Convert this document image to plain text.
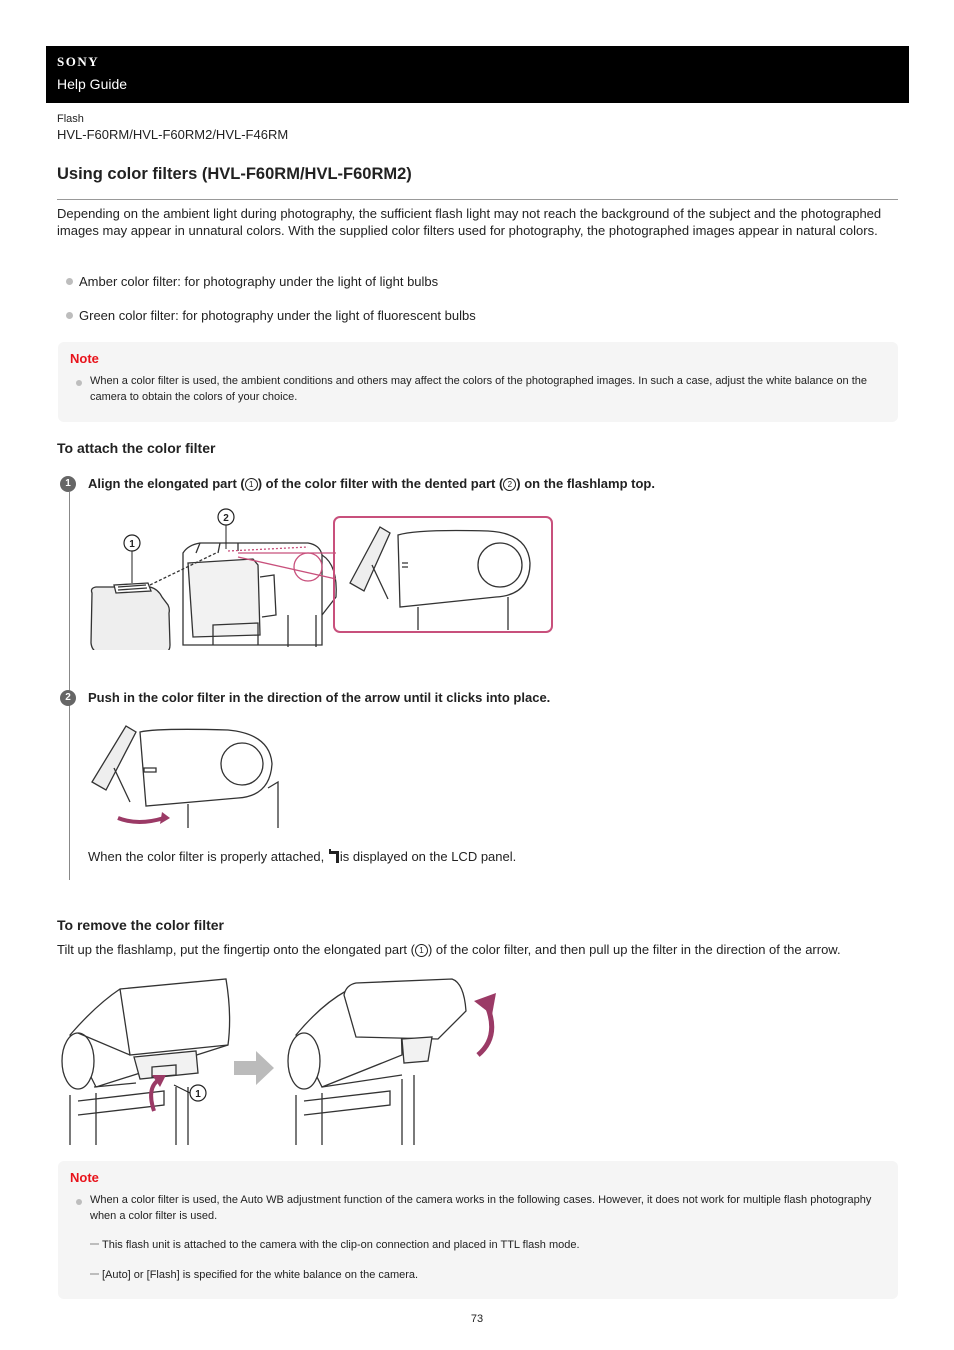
SONY
Help Guide
Flash
HVL-F60RM/HVL-F60RM2/HVL-F46RM
Using color filters (HVL-F60RM/HVL-F60RM2)
Depending on the ambient light during photography, the sufficient flash light may not reach the background of the subject and the photographed images may appear in unnatural colors. With the supplied color filters used for photography, the photographed images appear in natural colors.
Amber color filter: for photography under the light of light bulbs
Green color filter: for photography under the light of fluorescent bulbs
Note
When a color filter is used, the ambient conditions and others may affect the colors of the photographed images. In such a case, adjust the white balance on the camera to obtain the colors of your choice.
To attach the color filter
1	Align the elongated part ( 1 ) of the color filter with the dented part ( 2 ) on the flashlamp top.
1
2
2	Push in the color filter in the direction of the arrow until it clicks into place.
When the color filter is properly attached, is displayed on the LCD panel.
To remove the color filter
Tilt up the flashlamp, put the fingertip onto the elongated part ( 1 ) of the color filter, and then pull up the filter in the direction of the arrow.
1
Note
When a color filter is used, the Auto WB adjustment function of the camera works in the following cases. However, it does not work for multiple flash photography when a color filter is used.
This flash unit is attached to the camera with the clip-on connection and placed in TTL flash mode.
[Auto] or [Flash] is specified for the white balance on the camera.
73
